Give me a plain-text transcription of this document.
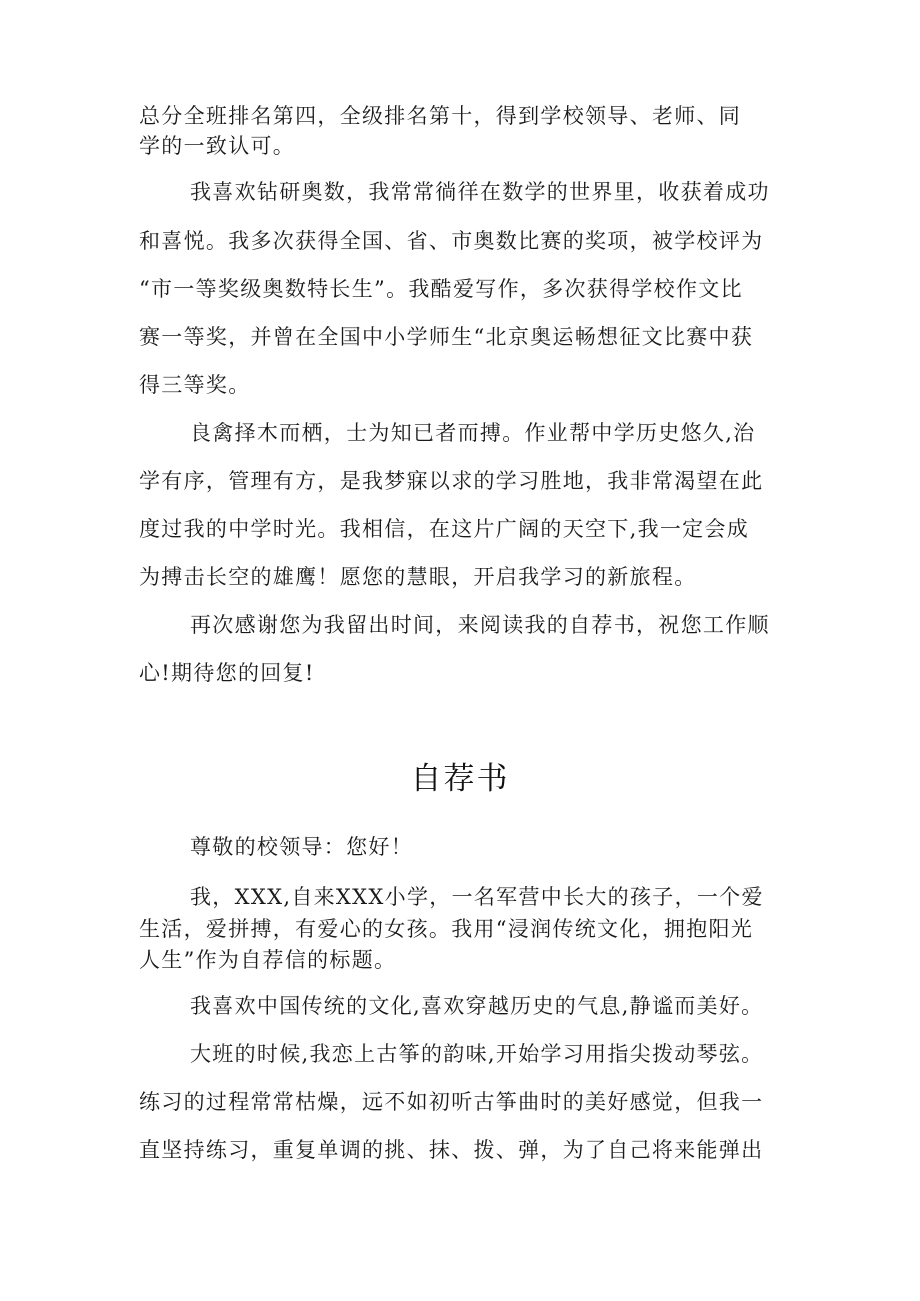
总分全班排名第四，全级排名第十，得到学校领导、老师、同
学的一致认可。
我喜欢钻研奥数，我常常徜徉在数学的世界里，收获着成功
和喜悦。我多次获得全国、省、市奥数比赛的奖项，被学校评为
“市一等奖级奥数特长生”。我酷爱写作，多次获得学校作文比
赛一等奖，并曾在全国中小学师生“北京奥运畅想征文比赛中获
得三等奖。
良禽择木而栖，士为知已者而搏。作业帮中学历史悠久,治
学有序，管理有方，是我梦寐以求的学习胜地，我非常渴望在此
度过我的中学时光。我相信，在这片广阔的天空下,我一定会成
为搏击长空的雄鹰！愿您的慧眼，开启我学习的新旅程。
再次感谢您为我留出时间，来阅读我的自荐书，祝您工作顺
心!期待您的回复!
自荐书
尊敬的校领导：您好！
我，XXX,自来XXX小学，一名军营中长大的孩子，一个爱
生活，爱拼搏，有爱心的女孩。我用“浸润传统文化，拥抱阳光
人生”作为自荐信的标题。
我喜欢中国传统的文化,喜欢穿越历史的气息,静谧而美好。
大班的时候,我恋上古筝的韵味,开始学习用指尖拨动琴弦。
练习的过程常常枯燥，远不如初听古筝曲时的美好感觉，但我一
直坚持练习，重复单调的挑、抹、拨、弹，为了自己将来能弹出
